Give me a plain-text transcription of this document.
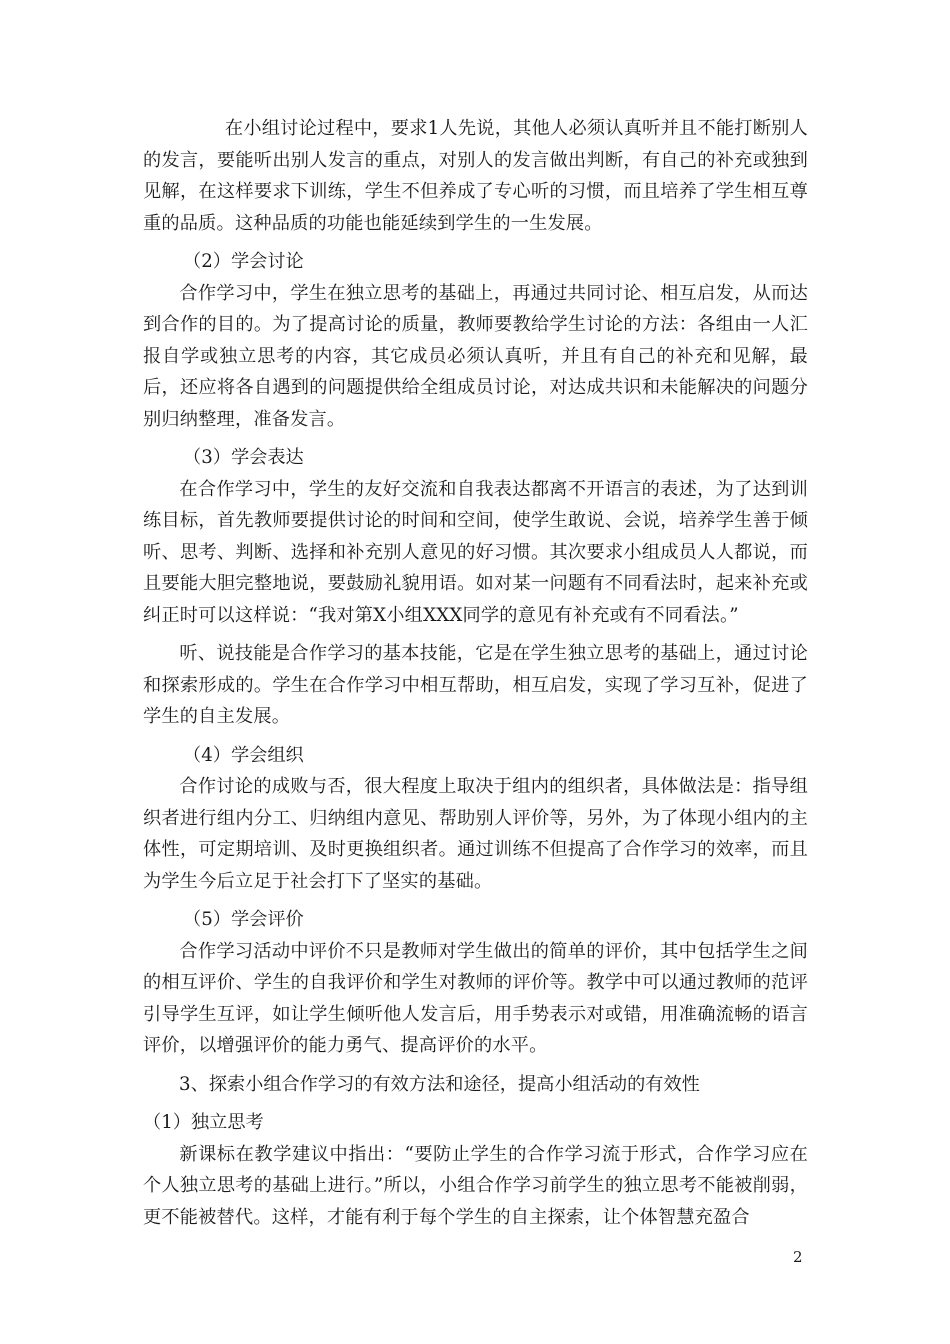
在小组讨论过程中，要求1人先说，其他人必须认真听并且不能打断别人的发言，要能听出别人发言的重点，对别人的发言做出判断，有自己的补充或独到见解，在这样要求下训练，学生不但养成了专心听的习惯，而且培养了学生相互尊重的品质。这种品质的功能也能延续到学生的一生发展。

（2）学会讨论

合作学习中，学生在独立思考的基础上，再通过共同讨论、相互启发，从而达到合作的目的。为了提高讨论的质量，教师要教给学生讨论的方法：各组由一人汇报自学或独立思考的内容，其它成员必须认真听，并且有自己的补充和见解，最后，还应将各自遇到的问题提供给全组成员讨论，对达成共识和未能解决的问题分别归纳整理，准备发言。

（3）学会表达

在合作学习中，学生的友好交流和自我表达都离不开语言的表述，为了达到训练目标，首先教师要提供讨论的时间和空间，使学生敢说、会说，培养学生善于倾听、思考、判断、选择和补充别人意见的好习惯。其次要求小组成员人人都说，而且要能大胆完整地说，要鼓励礼貌用语。如对某一问题有不同看法时，起来补充或纠正时可以这样说：“我对第X小组XXX同学的意见有补充或有不同看法。”

听、说技能是合作学习的基本技能，它是在学生独立思考的基础上，通过讨论和探索形成的。学生在合作学习中相互帮助，相互启发，实现了学习互补，促进了学生的自主发展。

（4）学会组织

合作讨论的成败与否，很大程度上取决于组内的组织者，具体做法是：指导组织者进行组内分工、归纳组内意见、帮助别人评价等，另外，为了体现小组内的主体性，可定期培训、及时更换组织者。通过训练不但提高了合作学习的效率，而且为学生今后立足于社会打下了坚实的基础。

（5）学会评价

合作学习活动中评价不只是教师对学生做出的简单的评价，其中包括学生之间的相互评价、学生的自我评价和学生对教师的评价等。教学中可以通过教师的范评引导学生互评，如让学生倾听他人发言后，用手势表示对或错，用准确流畅的语言评价，以增强评价的能力勇气、提高评价的水平。

3、探索小组合作学习的有效方法和途径，提高小组活动的有效性

（1）独立思考

新课标在教学建议中指出：“要防止学生的合作学习流于形式，合作学习应在个人独立思考的基础上进行。”所以，小组合作学习前学生的独立思考不能被削弱，更不能被替代。这样，才能有利于每个学生的自主探索，让个体智慧充盈合

2
